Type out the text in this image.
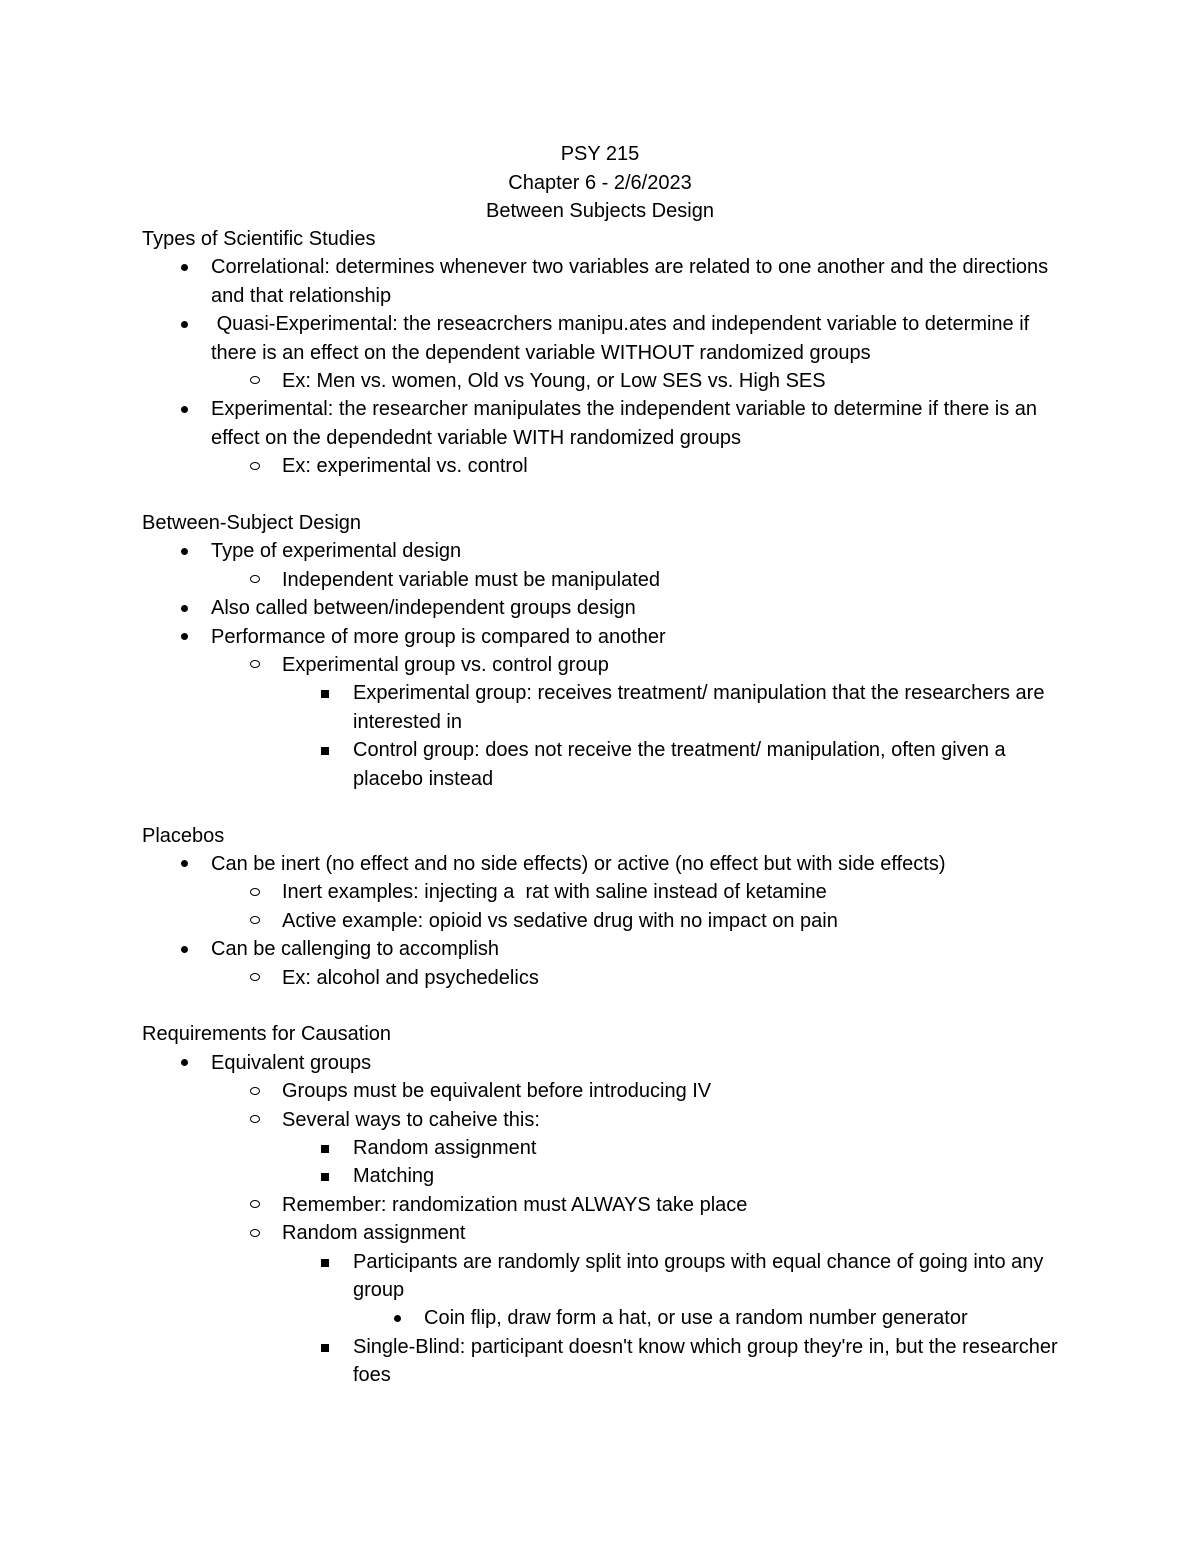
PSY 215
Chapter 6 - 2/6/2023
Between Subjects Design
Types of Scientific Studies
Correlational: determines whenever two variables are related to one another and the directions and that relationship
Quasi-Experimental: the reseacrchers manipu.ates and independent variable to determine if there is an effect on the dependent variable WITHOUT randomized groups
Ex: Men vs. women, Old vs Young, or Low SES vs. High SES
Experimental: the researcher manipulates the independent variable to determine if there is an effect on the dependednt variable WITH randomized groups
Ex: experimental vs. control
Between-Subject Design
Type of experimental design
Independent variable must be manipulated
Also called between/independent groups design
Performance of more group is compared to another
Experimental group vs. control group
Experimental group: receives treatment/ manipulation that the researchers are interested in
Control group: does not receive the treatment/ manipulation, often given a placebo instead
Placebos
Can be inert (no effect and no side effects) or active (no effect but with side effects)
Inert examples: injecting a  rat with saline instead of ketamine
Active example: opioid vs sedative drug with no impact on pain
Can be callenging to accomplish
Ex: alcohol and psychedelics
Requirements for Causation
Equivalent groups
Groups must be equivalent before introducing IV
Several ways to caheive this:
Random assignment
Matching
Remember: randomization must ALWAYS take place
Random assignment
Participants are randomly split into groups with equal chance of going into any group
Coin flip, draw form a hat, or use a random number generator
Single-Blind: participant doesn't know which group they're in, but the researcher foes
